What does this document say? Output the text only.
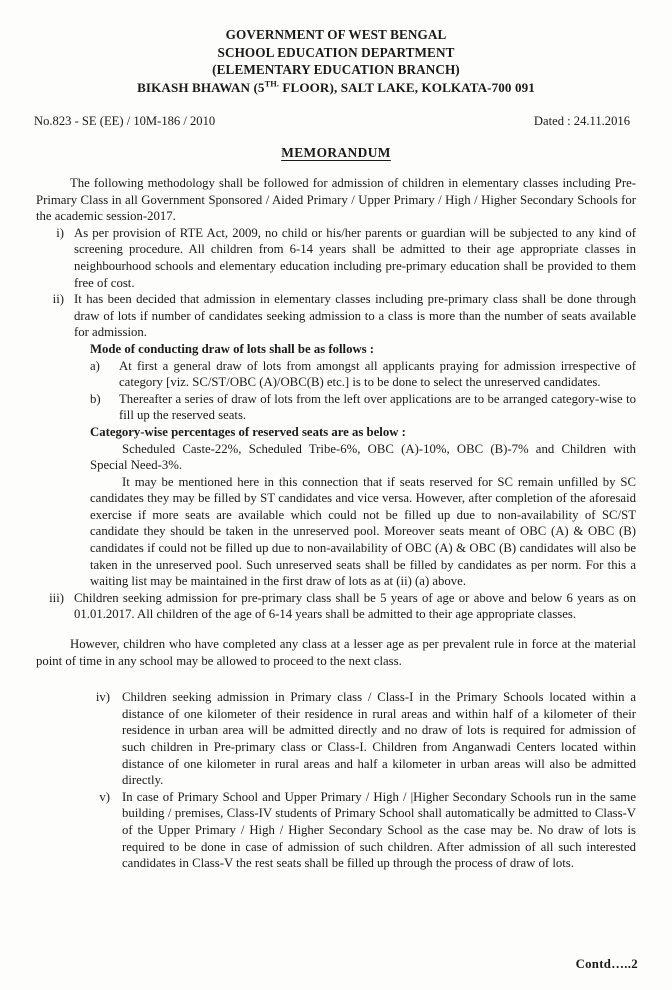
GOVERNMENT OF WEST BENGAL
SCHOOL EDUCATION DEPARTMENT
(ELEMENTARY EDUCATION BRANCH)
BIKASH BHAWAN ($5^{TH.}$ FLOOR), SALT LAKE, KOLKATA-700 091
No.823 - SE (EE) / 10M-186 / 2010	Dated : 24.11.2016
MEMORANDUM

The following methodology shall be followed for admission of children in elementary classes including Pre-Primary Class in all Government Sponsored / Aided Primary / Upper Primary / High / Higher Secondary Schools for the academic session-2017.

i) As per provision of RTE Act, 2009, no child or his/her parents or guardian will be subjected to any kind of screening procedure. All children from 6-14 years shall be admitted to their age appropriate classes in neighbourhood schools and elementary education including pre-primary education shall be provided to them free of cost.
ii) It has been decided that admission in elementary classes including pre-primary class shall be done through draw of lots if number of candidates seeking admission to a class is more than the number of seats available for admission.

Mode of conducting draw of lots shall be as follows :

a)	At first a general draw of lots from amongst all applicants praying for admission irrespective of category [viz. SC/ST/OBC (A)/OBC(B) etc.] is to be done to select the unreserved candidates.
b)	Thereafter a series of draw of lots from the left over applications are to be arranged category-wise to fill up the reserved seats.

Category-wise percentages of reserved seats are as below :

Scheduled Caste-22%, Scheduled Tribe-6%, OBC (A)-10%, OBC (B)-7% and Children with Special Need-3%.

It may be mentioned here in this connection that if seats reserved for SC remain unfilled by SC candidates they may be filled by ST candidates and vice versa. However, after completion of the aforesaid exercise if more seats are available which could not be filled up due to non-availability of SC/ST candidate they should be taken in the unreserved pool. Moreover seats meant of OBC (A) & OBC (B) candidates if could not be filled up due to non-availability of OBC (A) & OBC (B) candidates will also be taken in the unreserved pool. Such unreserved seats shall be filled by candidates as per norm. For this a waiting list may be maintained in the first draw of lots as at (ii) (a) above.

iii) Children seeking admission for pre-primary class shall be 5 years of age or above and below 6 years as on 01.01.2017. All children of the age of 6-14 years shall be admitted to their age appropriate classes.

However, children who have completed any class at a lesser age as per prevalent rule in force at the material point of time in any school may be allowed to proceed to the next class.

iv) Children seeking admission in Primary class / Class-I in the Primary Schools located within a distance of one kilometer of their residence in rural areas and within half of a kilometer of their residence in urban area will be admitted directly and no draw of lots is required for admission of such children in Pre-primary class or Class-I. Children from Anganwadi Centers located within distance of one kilometer in rural areas and half a kilometer in urban areas will also be admitted directly.
v) In case of Primary School and Upper Primary / High / |Higher Secondary Schools run in the same building / premises, Class-IV students of Primary School shall automatically be admitted to Class-V of the Upper Primary / High / Higher Secondary School as the case may be. No draw of lots is required to be done in case of admission of such children. After admission of all such interested candidates in Class-V the rest seats shall be filled up through the process of draw of lots.
Contd…..2
